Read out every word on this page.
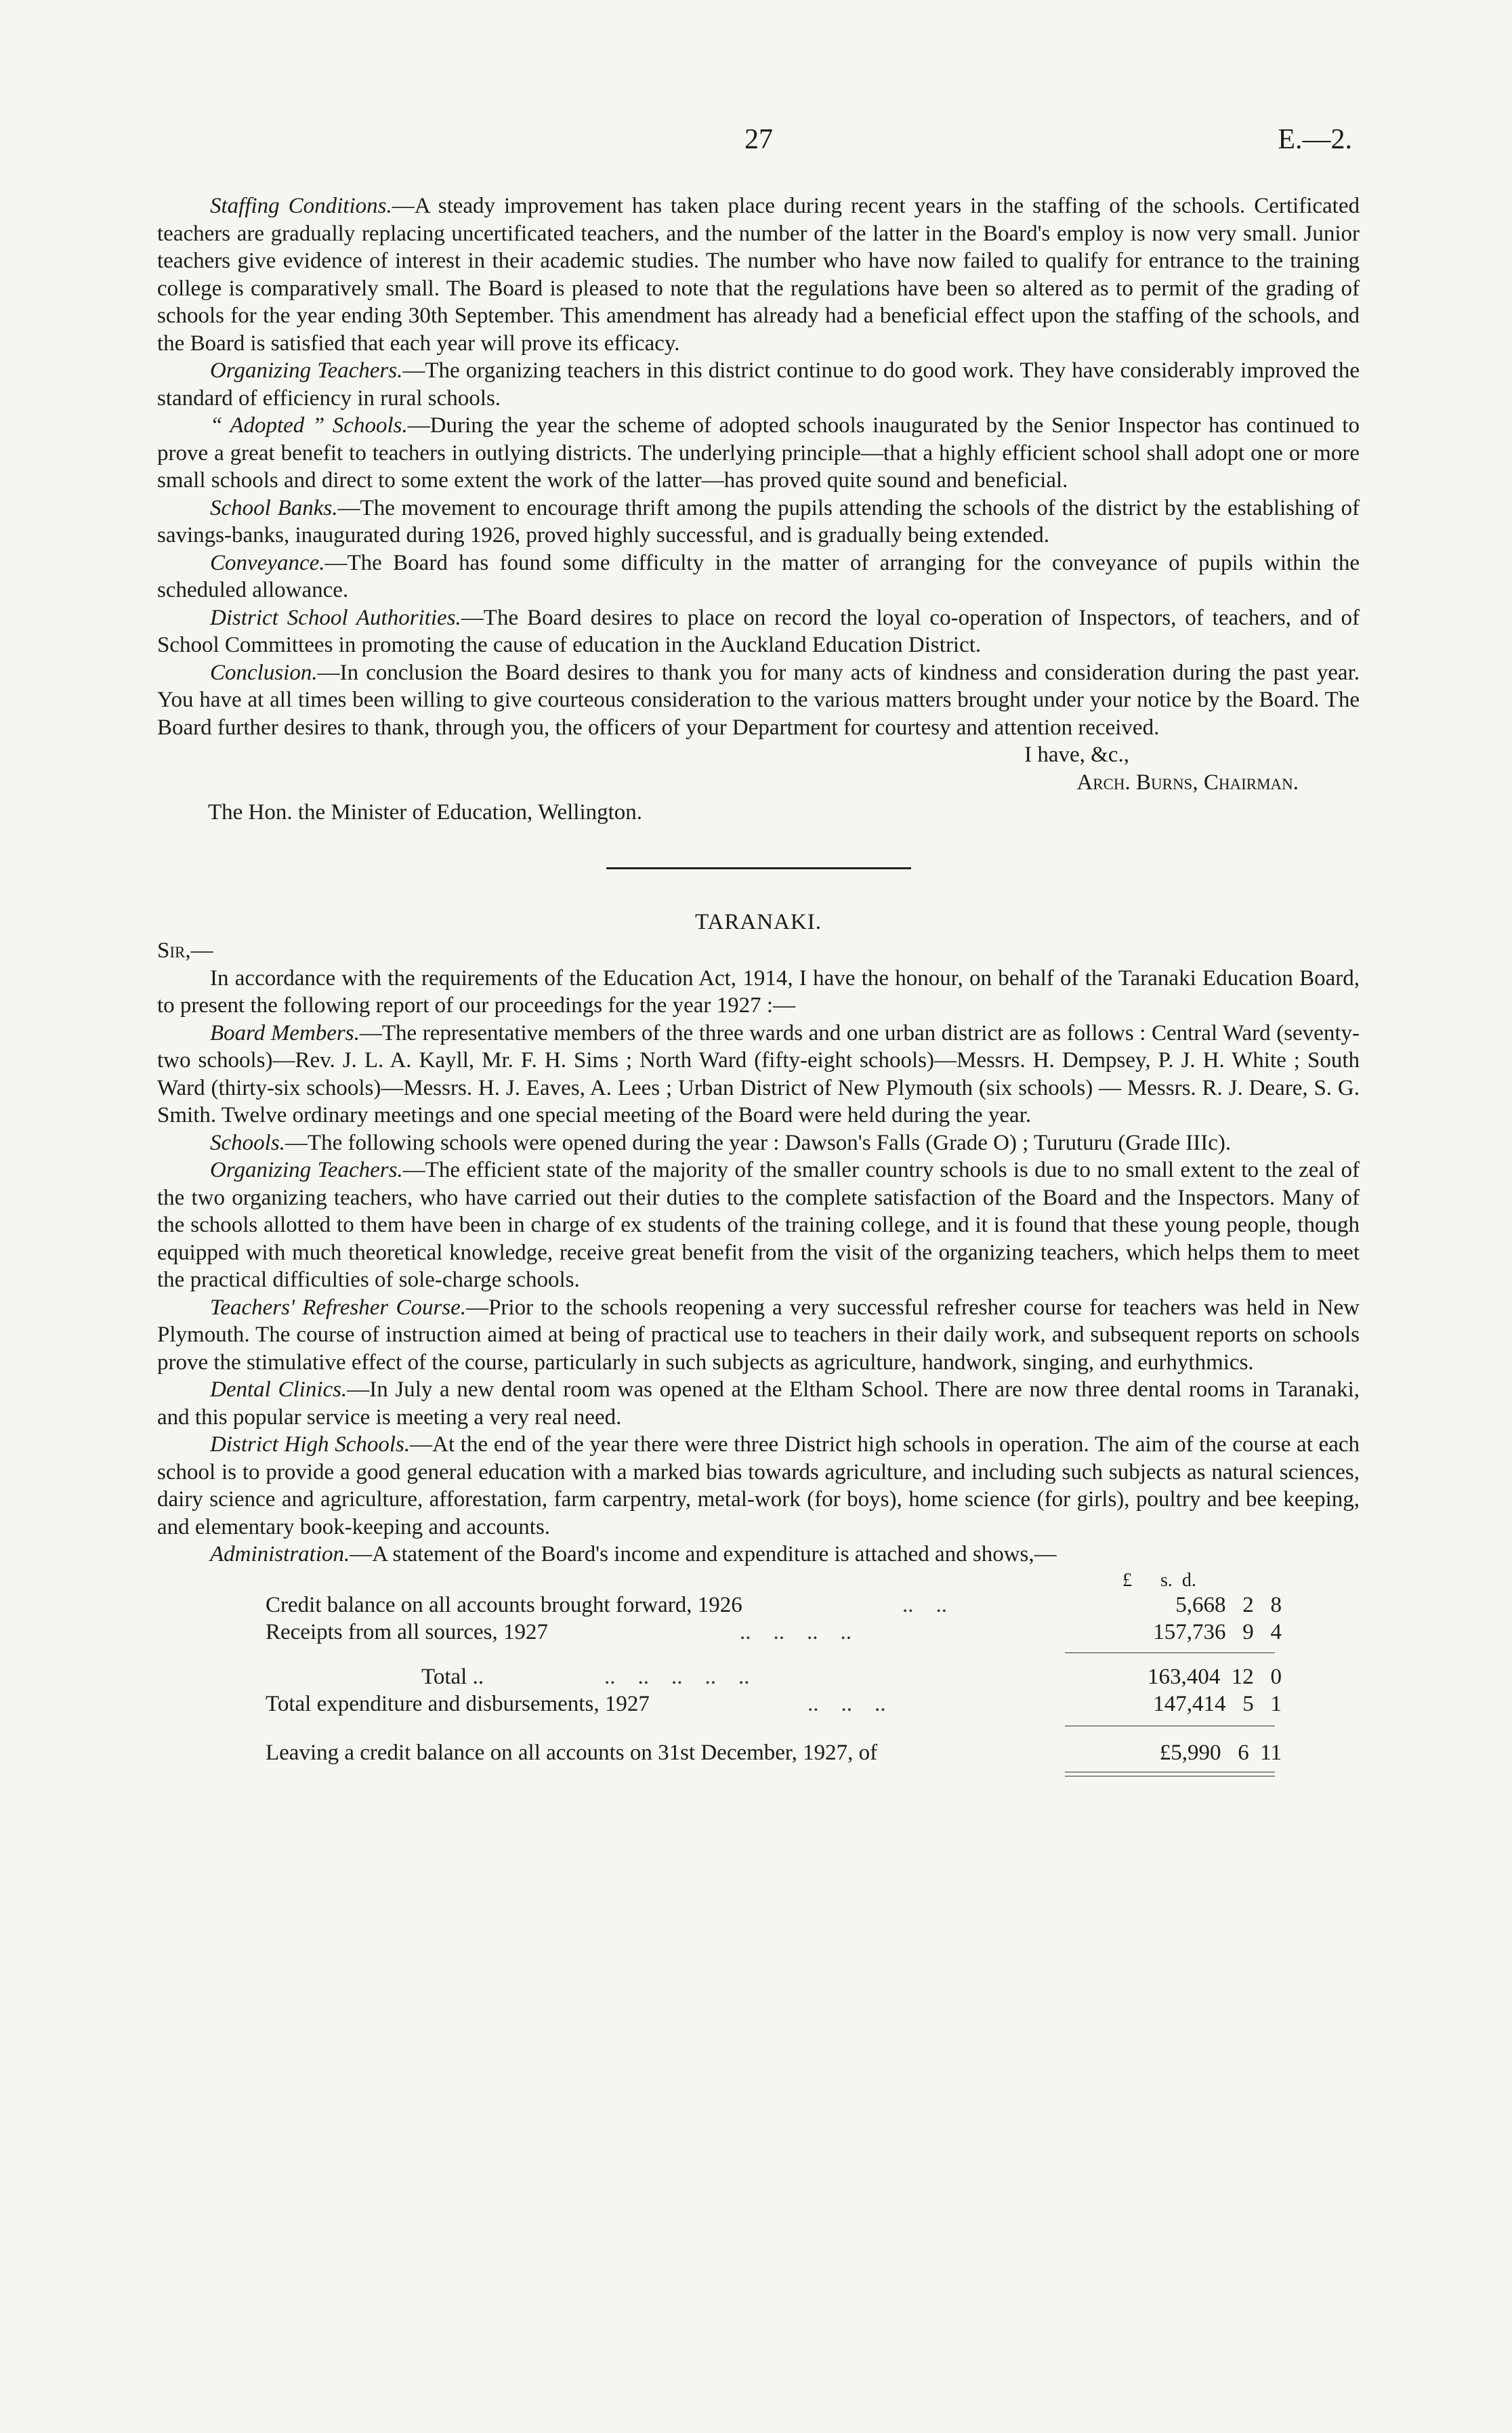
27	E.—2.

Staffing Conditions.—A steady improvement has taken place during recent years in the staffing of the schools. Certificated teachers are gradually replacing uncertificated teachers, and the number of the latter in the Board's employ is now very small. Junior teachers give evidence of interest in their academic studies. The number who have now failed to qualify for entrance to the training college is comparatively small. The Board is pleased to note that the regulations have been so altered as to permit of the grading of schools for the year ending 30th September. This amendment has already had a beneficial effect upon the staffing of the schools, and the Board is satisfied that each year will prove its efficacy.

Organizing Teachers.—The organizing teachers in this district continue to do good work. They have considerably improved the standard of efficiency in rural schools.

“ Adopted ” Schools.—During the year the scheme of adopted schools inaugurated by the Senior Inspector has continued to prove a great benefit to teachers in outlying districts. The underlying principle—that a highly efficient school shall adopt one or more small schools and direct to some extent the work of the latter—has proved quite sound and beneficial.

School Banks.—The movement to encourage thrift among the pupils attending the schools of the district by the establishing of savings-banks, inaugurated during 1926, proved highly successful, and is gradually being extended.

Conveyance.—The Board has found some difficulty in the matter of arranging for the conveyance of pupils within the scheduled allowance.

District School Authorities.—The Board desires to place on record the loyal co-operation of Inspectors, of teachers, and of School Committees in promoting the cause of education in the Auckland Education District.

Conclusion.—In conclusion the Board desires to thank you for many acts of kindness and consideration during the past year. You have at all times been willing to give courteous consideration to the various matters brought under your notice by the Board. The Board further desires to thank, through you, the officers of your Department for courtesy and attention received.

I have, &c.,

Arch. Burns, Chairman.

The Hon. the Minister of Education, Wellington.

TARANAKI.

Sir,—

In accordance with the requirements of the Education Act, 1914, I have the honour, on behalf of the Taranaki Education Board, to present the following report of our proceedings for the year 1927 :—

Board Members.—The representative members of the three wards and one urban district are as follows : Central Ward (seventy-two schools)—Rev. J. L. A. Kayll, Mr. F. H. Sims ; North Ward (fifty-eight schools)—Messrs. H. Dempsey, P. J. H. White ; South Ward (thirty-six schools)—Messrs. H. J. Eaves, A. Lees ; Urban District of New Plymouth (six schools) — Messrs. R. J. Deare, S. G. Smith. Twelve ordinary meetings and one special meeting of the Board were held during the year.

Schools.—The following schools were opened during the year : Dawson's Falls (Grade O) ; Turuturu (Grade IIIc).

Organizing Teachers.—The efficient state of the majority of the smaller country schools is due to no small extent to the zeal of the two organizing teachers, who have carried out their duties to the complete satisfaction of the Board and the Inspectors. Many of the schools allotted to them have been in charge of ex students of the training college, and it is found that these young people, though equipped with much theoretical knowledge, receive great benefit from the visit of the organizing teachers, which helps them to meet the practical difficulties of sole-charge schools.

Teachers' Refresher Course.—Prior to the schools reopening a very successful refresher course for teachers was held in New Plymouth. The course of instruction aimed at being of practical use to teachers in their daily work, and subsequent reports on schools prove the stimulative effect of the course, particularly in such subjects as agriculture, handwork, singing, and eurhythmics.

Dental Clinics.—In July a new dental room was opened at the Eltham School. There are now three dental rooms in Taranaki, and this popular service is meeting a very real need.

District High Schools.—At the end of the year there were three District high schools in operation. The aim of the course at each school is to provide a good general education with a marked bias towards agriculture, and including such subjects as natural sciences, dairy science and agriculture, afforestation, farm carpentry, metal-work (for boys), home science (for girls), poultry and bee keeping, and elementary book-keeping and accounts.

Administration.—A statement of the Board's income and expenditure is attached and shows,—

£      s.  d.
Credit balance on all accounts brought forward, 1926	..    ..	5,668   2   8
Receipts from all sources, 1927	..    ..    ..    ..	157,736   9   4
Total ..	..    ..    ..    ..    ..	163,404  12   0
Total expenditure and disbursements, 1927	..    ..    ..	147,414   5   1
Leaving a credit balance on all accounts on 31st December, 1927, of	£5,990   6  11
